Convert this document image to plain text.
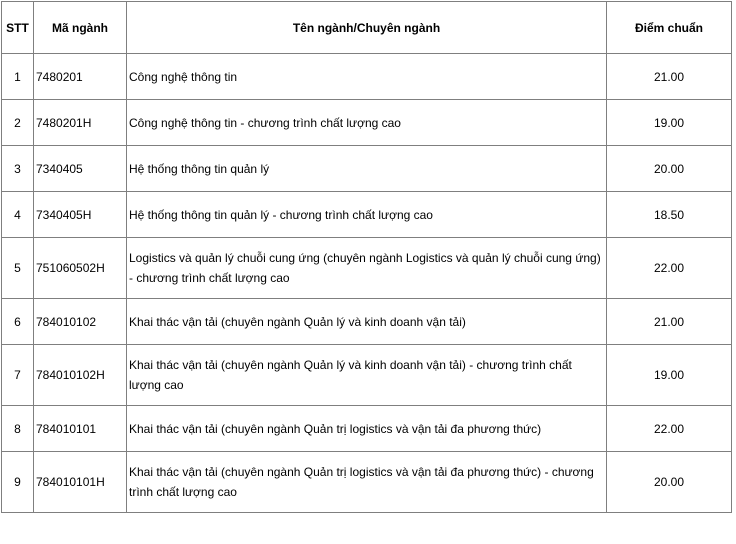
STT	Mã ngành	Tên ngành/Chuyên ngành	Điểm chuẩn
1	7480201	Công nghệ thông tin	21.00
2	7480201H	Công nghệ thông tin - chương trình chất lượng cao	19.00
3	7340405	Hệ thống thông tin quản lý	20.00
4	7340405H	Hệ thống thông tin quản lý - chương trình chất lượng cao	18.50
5	751060502H	Logistics và quản lý chuỗi cung ứng (chuyên ngành Logistics và quản lý chuỗi cung ứng) - chương trình chất lượng cao	22.00
6	784010102	Khai thác vận tải (chuyên ngành Quản lý và kinh doanh vận tải)	21.00
7	784010102H	Khai thác vận tải (chuyên ngành Quản lý và kinh doanh vận tải) - chương trình chất lượng cao	19.00
8	784010101	Khai thác vận tải (chuyên ngành Quản trị logistics và vận tải đa phương thức)	22.00
9	784010101H	Khai thác vận tải (chuyên ngành Quản trị logistics và vận tải đa phương thức) - chương trình chất lượng cao	20.00
